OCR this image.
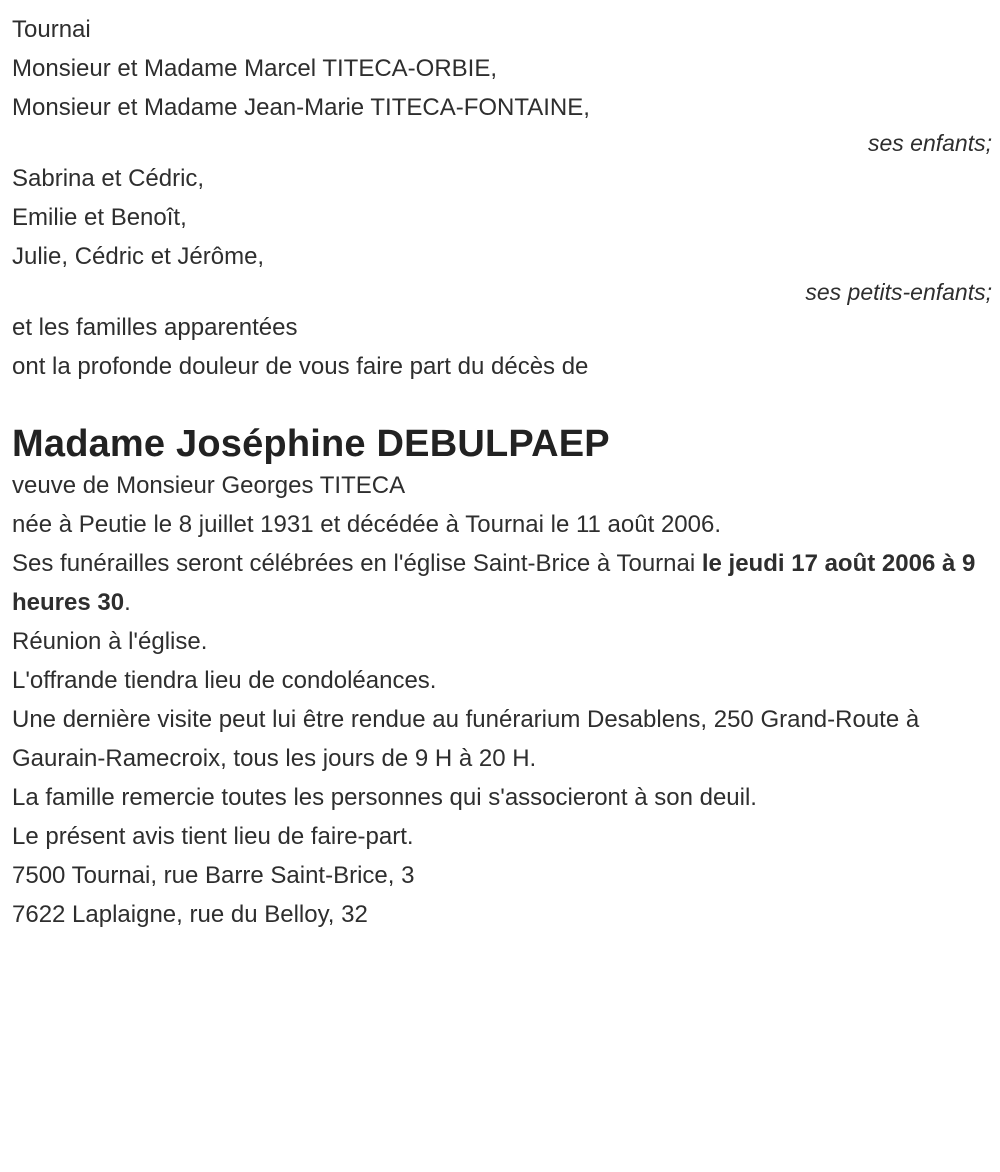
Tournai

Monsieur et Madame Marcel TITECA-ORBIE,

Monsieur et Madame Jean-Marie TITECA-FONTAINE,

ses enfants;

Sabrina et Cédric,

Emilie et Benoît,

Julie, Cédric et Jérôme,

ses petits-enfants;

et les familles apparentées

ont la profonde douleur de vous faire part du décès de

Madame Joséphine DEBULPAEP

veuve de Monsieur Georges TITECA

née à Peutie le 8 juillet 1931 et décédée à Tournai le 11 août 2006.

Ses funérailles seront célébrées en l'église Saint-Brice à Tournai le jeudi 17 août 2006 à 9 heures 30.

Réunion à l'église.

L'offrande tiendra lieu de condoléances.

Une dernière visite peut lui être rendue au funérarium Desablens, 250 Grand-Route à Gaurain-Ramecroix, tous les jours de 9 H à 20 H.

La famille remercie toutes les personnes qui s'associeront à son deuil.

Le présent avis tient lieu de faire-part.

7500 Tournai, rue Barre Saint-Brice, 3

7622 Laplaigne, rue du Belloy, 32
